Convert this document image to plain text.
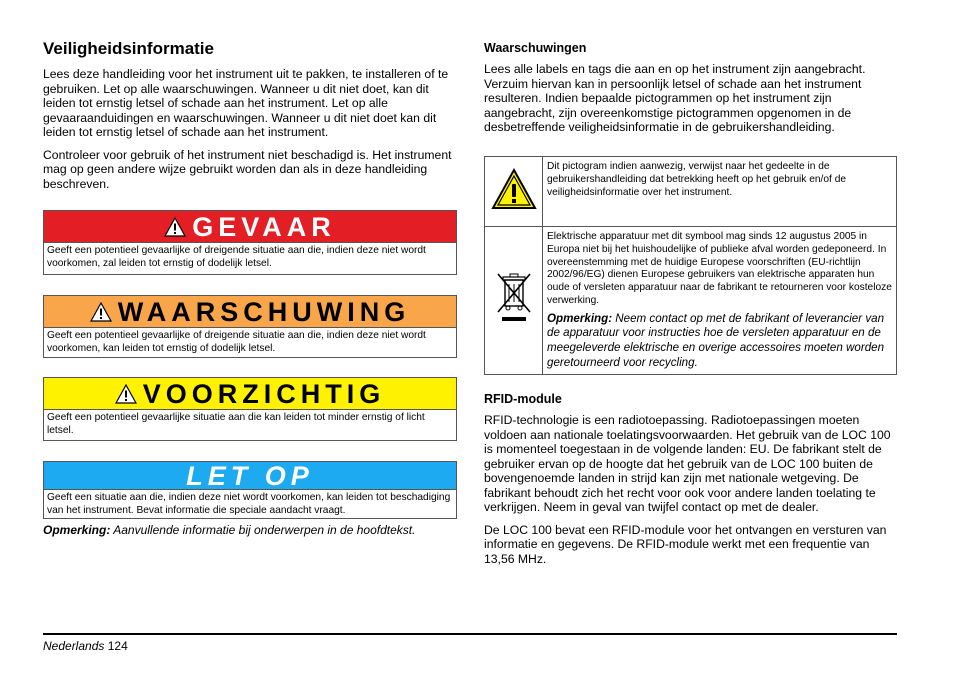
Veiligheidsinformatie

Lees deze handleiding voor het instrument uit te pakken, te installeren of te gebruiken. Let op alle waarschuwingen. Wanneer u dit niet doet, kan dit leiden tot ernstig letsel of schade aan het instrument. Let op alle gevaaraanduidingen en waarschuwingen. Wanneer u dit niet doet kan dit leiden tot ernstig letsel of schade aan het instrument.

Controleer voor gebruik of het instrument niet beschadigd is. Het instrument mag op geen andere wijze gebruikt worden dan als in deze handleiding beschreven.

GEVAAR
Geeft een potentieel gevaarlijke of dreigende situatie aan die, indien deze niet wordt voorkomen, zal leiden tot ernstig of dodelijk letsel.
WAARSCHUWING
Geeft een potentieel gevaarlijke of dreigende situatie aan die, indien deze niet wordt voorkomen, kan leiden tot ernstig of dodelijk letsel.
VOORZICHTIG
Geeft een potentieel gevaarlijke situatie aan die kan leiden tot minder ernstig of licht letsel.
LET OP
Geeft een situatie aan die, indien deze niet wordt voorkomen, kan leiden tot beschadiging van het instrument. Bevat informatie die speciale aandacht vraagt.
Opmerking: Aanvullende informatie bij onderwerpen in de hoofdtekst.
Waarschuwingen

Lees alle labels en tags die aan en op het instrument zijn aangebracht. Verzuim hiervan kan in persoonlijk letsel of schade aan het instrument resulteren. Indien bepaalde pictogrammen op het instrument zijn aangebracht, zijn overeenkomstige pictogrammen opgenomen in de desbetreffende veiligheidsinformatie in de gebruikershandleiding.

	Dit pictogram indien aanwezig, verwijst naar het gedeelte in de gebruikershandleiding dat betrekking heeft op het gebruik en/of de veiligheidsinformatie over het instrument.

Elektrische apparatuur met dit symbool mag sinds 12 augustus 2005 in Europa niet bij het huishoudelijke of publieke afval worden gedeponeerd. In overeenstemming met de huidige Europese voorschriften (EU-richtlijn 2002/96/EG) dienen Europese gebruikers van elektrische apparaten hun oude of versleten apparatuur naar de fabrikant te retourneren voor kosteloze verwerking.
Opmerking: Neem contact op met de fabrikant of leverancier van de apparatuur voor instructies hoe de versleten apparatuur en de meegeleverde elektrische en overige accessoires moeten worden geretourneerd voor recycling.
RFID-module

RFID-technologie is een radiotoepassing. Radiotoepassingen moeten voldoen aan nationale toelatingsvoorwaarden. Het gebruik van de LOC 100 is momenteel toegestaan in de volgende landen: EU. De fabrikant stelt de gebruiker ervan op de hoogte dat het gebruik van de LOC 100 buiten de bovengenoemde landen in strijd kan zijn met nationale wetgeving. De fabrikant behoudt zich het recht voor ook voor andere landen toelating te verkrijgen. Neem in geval van twijfel contact op met de dealer.

De LOC 100 bevat een RFID-module voor het ontvangen en versturen van informatie en gegevens. De RFID-module werkt met een frequentie van 13,56 MHz.

Nederlands 124
